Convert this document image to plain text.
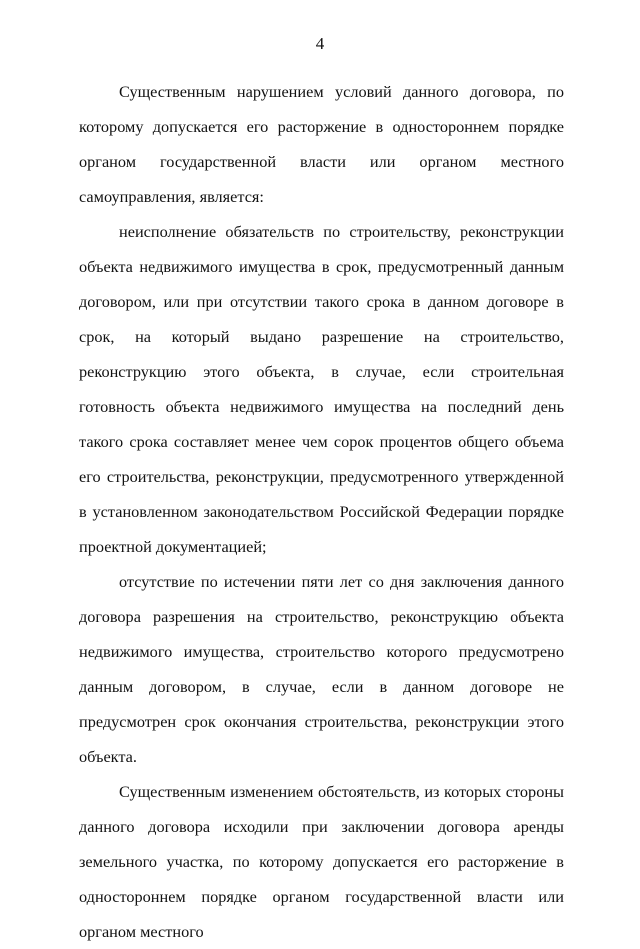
4

Существенным нарушением условий данного договора, по которому допускается его расторжение в одностороннем порядке органом государственной власти или органом местного самоуправления, является:

неисполнение обязательств по строительству, реконструкции объекта недвижимого имущества в срок, предусмотренный данным договором, или при отсутствии такого срока в данном договоре в срок, на который выдано разрешение на строительство, реконструкцию этого объекта, в случае, если строительная готовность объекта недвижимого имущества на последний день такого срока составляет менее чем сорок процентов общего объема его строительства, реконструкции, предусмотренного утвержденной в установленном законодательством Российской Федерации порядке проектной документацией;

отсутствие по истечении пяти лет со дня заключения данного договора разрешения на строительство, реконструкцию объекта недвижимого имущества, строительство которого предусмотрено данным договором, в случае, если в данном договоре не предусмотрен срок окончания строительства, реконструкции этого объекта.

Существенным изменением обстоятельств, из которых стороны данного договора исходили при заключении договора аренды земельного участка, по которому допускается его расторжение в одностороннем порядке органом государственной власти или органом местного
